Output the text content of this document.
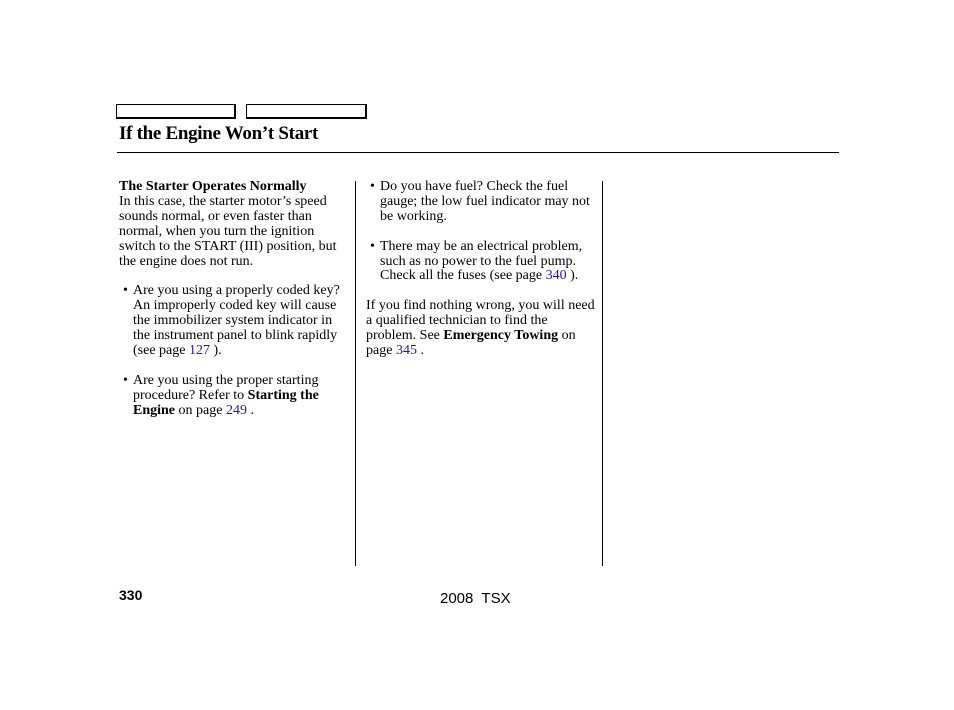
If the Engine Won’t Start

The Starter Operates Normally

In this case, the starter motor’s speed sounds normal, or even faster than normal, when you turn the ignition switch to the START (III) position, but the engine does not run.

• Are you using a properly coded key? An improperly coded key will cause the immobilizer system indicator in the instrument panel to blink rapidly (see page 127 ).

• Are you using the proper starting procedure? Refer to Starting the Engine on page 249 .

• Do you have fuel? Check the fuel gauge; the low fuel indicator may not be working.

• There may be an electrical problem, such as no power to the fuel pump. Check all the fuses (see page 340 ).

If you find nothing wrong, you will need a qualified technician to find the problem. See Emergency Towing on page 345 .

330	2008  TSX
